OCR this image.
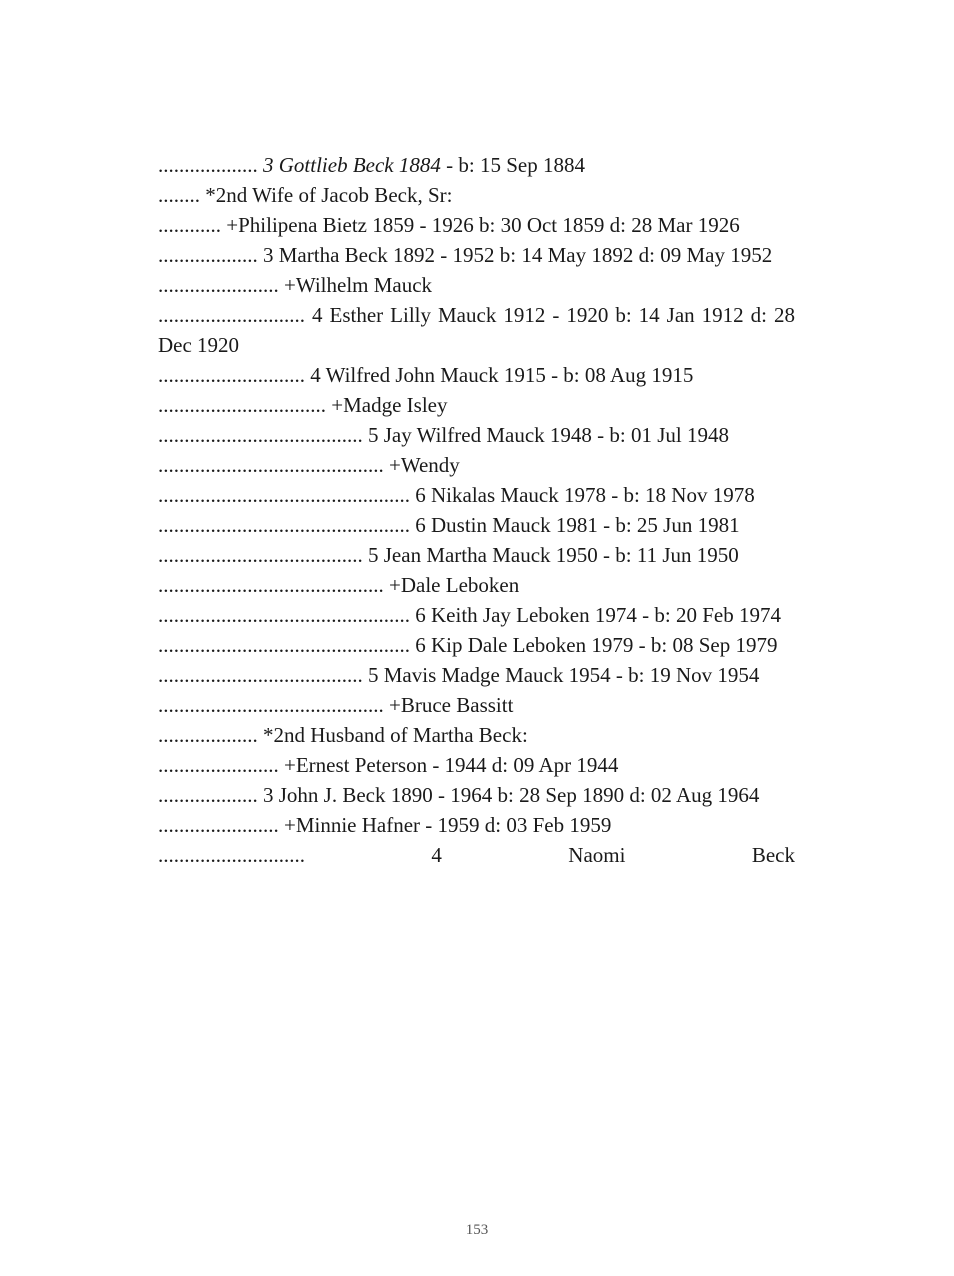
................... 3 Gottlieb Beck 1884 - b: 15 Sep 1884

........ *2nd Wife of Jacob Beck, Sr:

............ +Philipena Bietz 1859 - 1926 b: 30 Oct 1859 d: 28 Mar 1926

................... 3 Martha Beck 1892 - 1952 b: 14 May 1892 d: 09 May 1952

....................... +Wilhelm Mauck

............................ 4 Esther Lilly Mauck 1912 - 1920 b: 14 Jan 1912 d: 28 Dec 1920

............................ 4 Wilfred John Mauck 1915 - b: 08 Aug 1915

................................ +Madge Isley

....................................... 5 Jay Wilfred Mauck 1948 - b: 01 Jul 1948

........................................... +Wendy

................................................ 6 Nikalas Mauck 1978 - b: 18 Nov 1978

................................................ 6 Dustin Mauck 1981 - b: 25 Jun 1981

....................................... 5 Jean Martha Mauck 1950 - b: 11 Jun 1950

........................................... +Dale Leboken

................................................ 6 Keith Jay Leboken 1974 - b: 20 Feb 1974

................................................ 6 Kip Dale Leboken 1979 - b: 08 Sep 1979

....................................... 5 Mavis Madge Mauck 1954 - b: 19 Nov 1954

........................................... +Bruce Bassitt

................... *2nd Husband of Martha Beck:

....................... +Ernest Peterson - 1944 d: 09 Apr 1944

................... 3 John J. Beck 1890 - 1964 b: 28 Sep 1890 d: 02 Aug 1964

....................... +Minnie Hafner - 1959 d: 03 Feb 1959

............................	4 Naomi Beck

153
